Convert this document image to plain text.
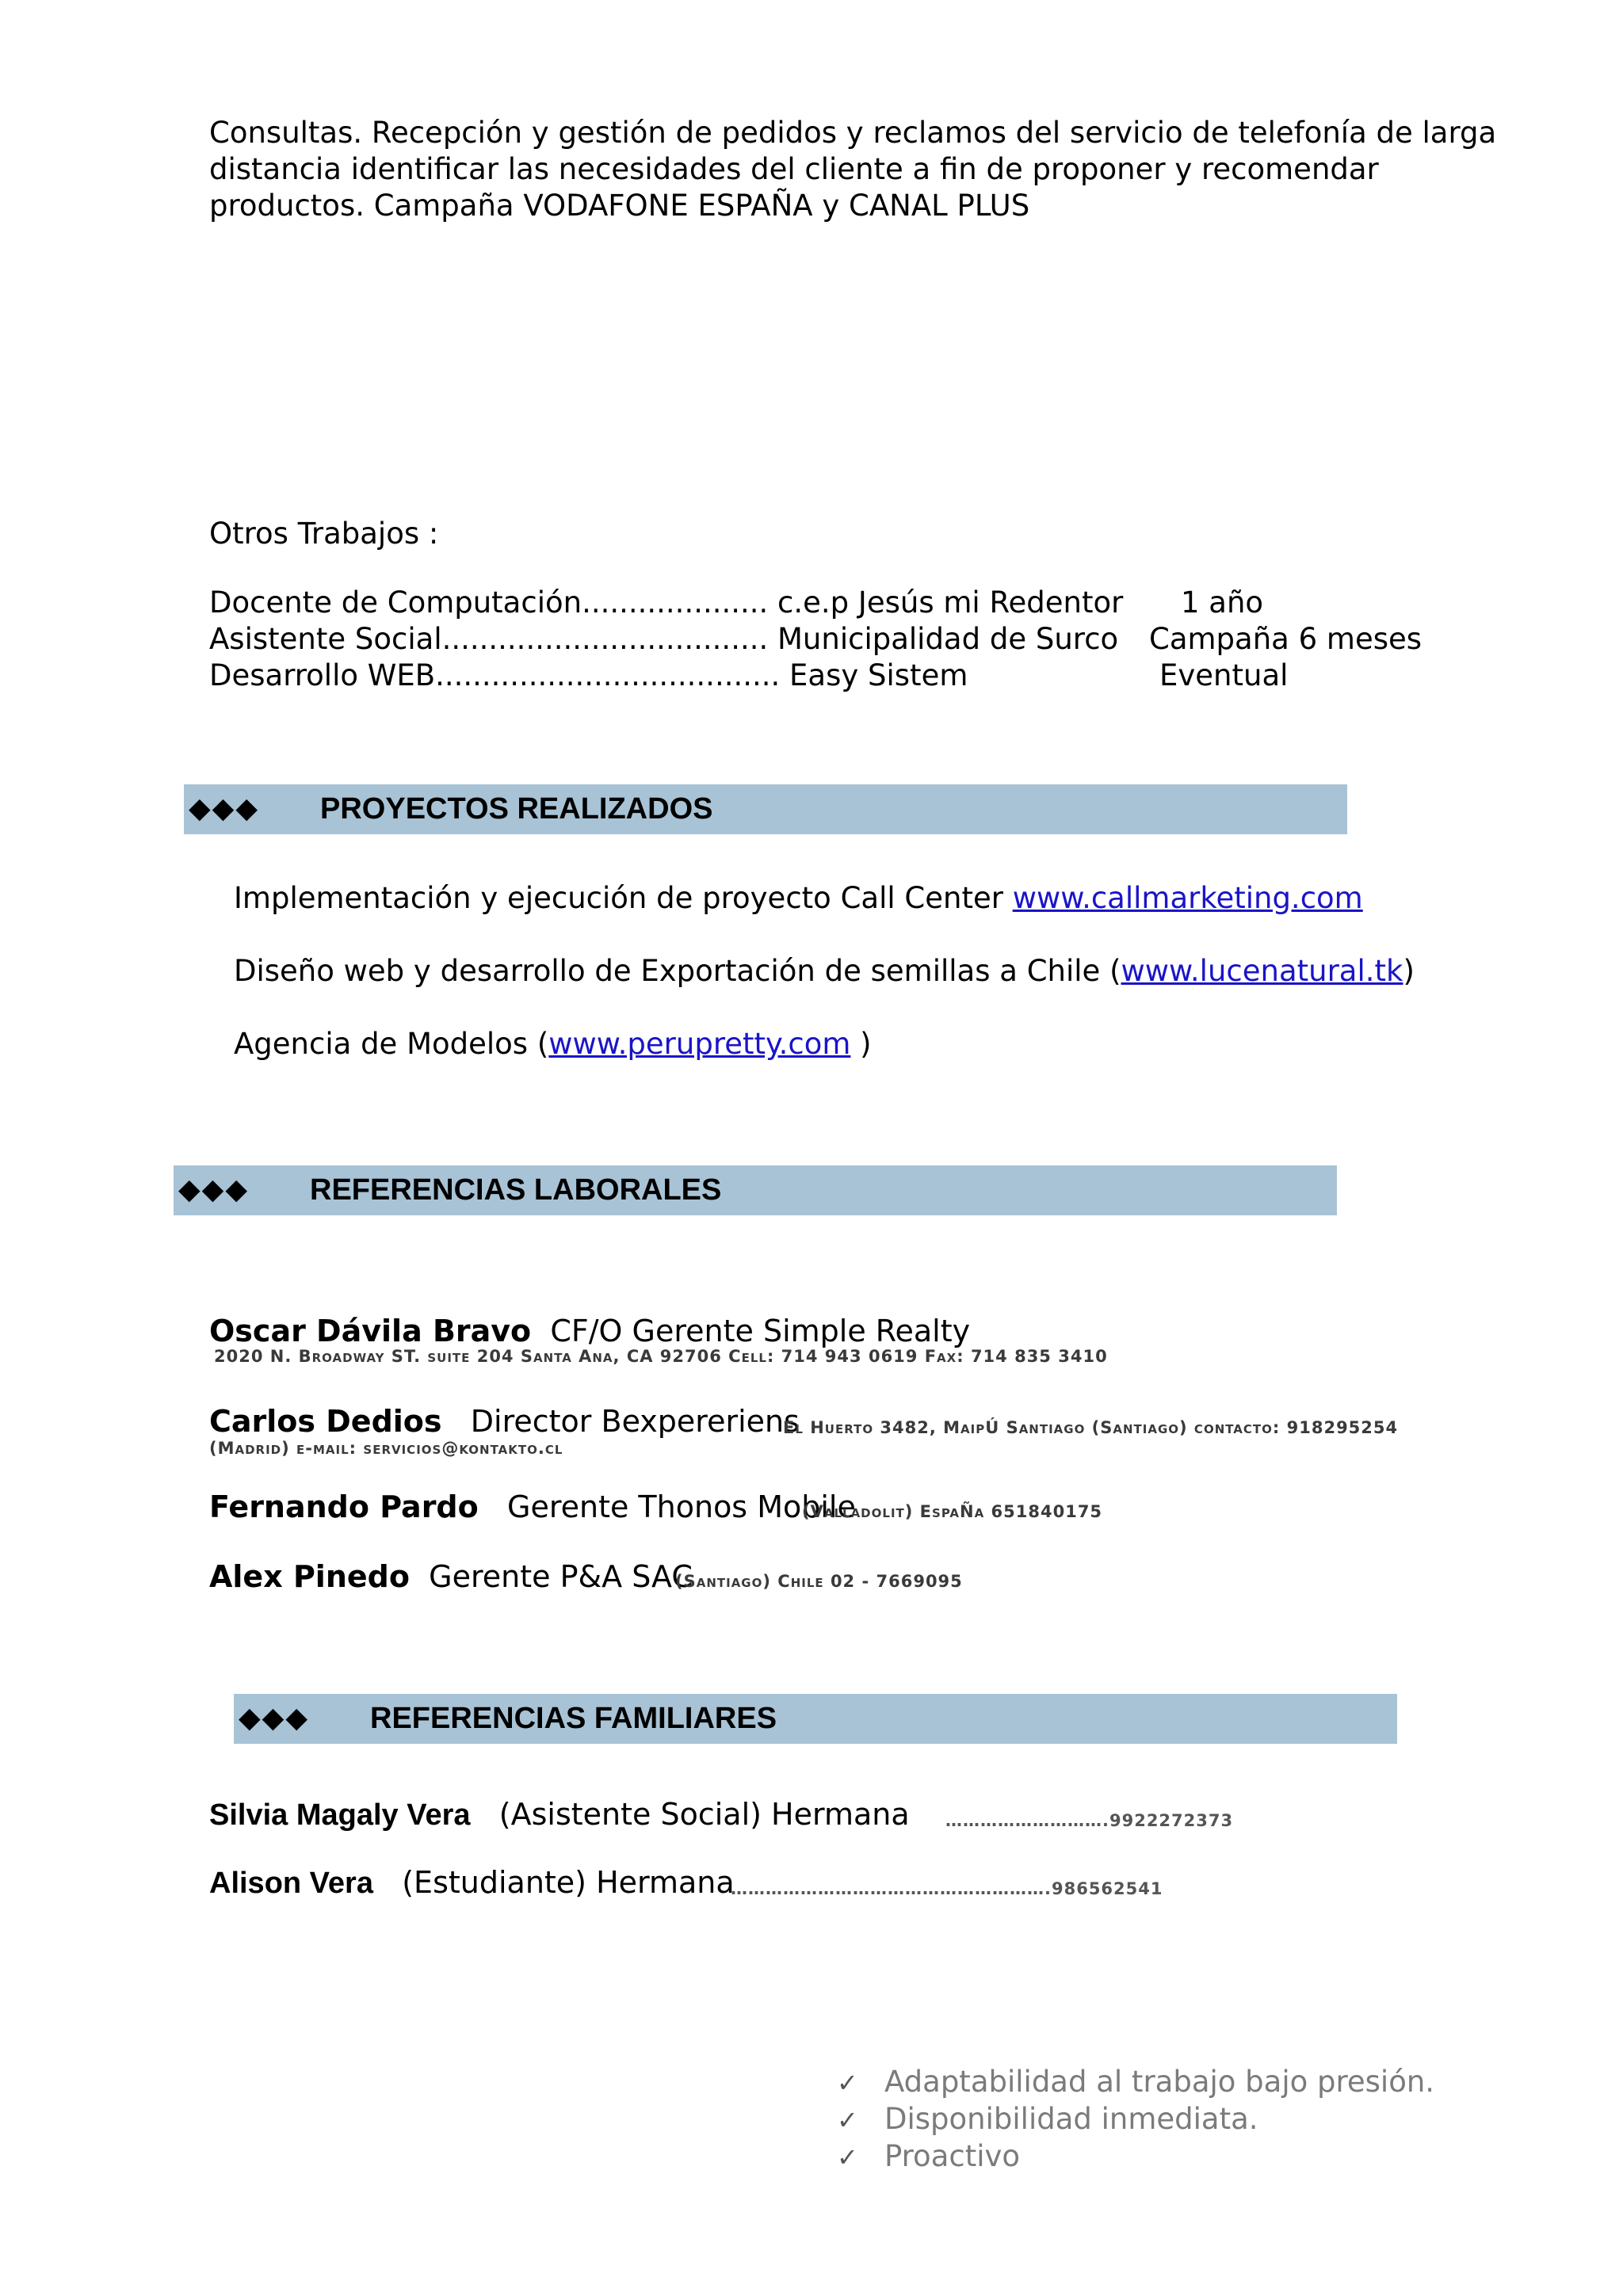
Consultas. Recepción y gestión de pedidos y reclamos del servicio de telefonía de larga
distancia identificar las necesidades del cliente a fin de proponer y recomendar
productos. Campaña VODAFONE ESPAÑA y CANAL PLUS
Otros Trabajos :
Docente de Computación.................... c.e.p Jesús mi Redentor 1 año
Asistente Social................................... Municipalidad de Surco Campaña 6 meses
Desarrollo WEB..................................... Easy Sistem	Eventual
◆◆◆ PROYECTOS REALIZADOS
Implementación y ejecución de proyecto Call Center www.callmarketing.com
Diseño web y desarrollo de Exportación de semillas a Chile (www.lucenatural.tk)
Agencia de Modelos (www.perupretty.com )
◆◆◆ REFERENCIAS LABORALES
Oscar Dávila Bravo CF/O Gerente Simple Realty
2020 N. Broadway ST. suite 204 Santa Ana, CA 92706 Cell: 714 943 0619 Fax: 714 835 3410
Carlos Dedios Director Bexpereriens
El Huerto 3482, MaipÚ Santiago (Santiago) contacto: 918295254
(Madrid) e-mail: servicios@kontakto.cl
Fernando Pardo Gerente Thonos Mobile
(Valladolit) EspaÑa 651840175
Alex Pinedo Gerente P&A SAC
(Santiago) Chile 02 - 7669095
◆◆◆ REFERENCIAS FAMILIARES
Silvia Magaly Vera (Asistente Social) Hermana ……………………….9922272373
Alison Vera (Estudiante) Hermana
……………………………………………….986562541
✓ Adaptabilidad al trabajo bajo presión.
✓ Disponibilidad inmediata.
✓ Proactivo
